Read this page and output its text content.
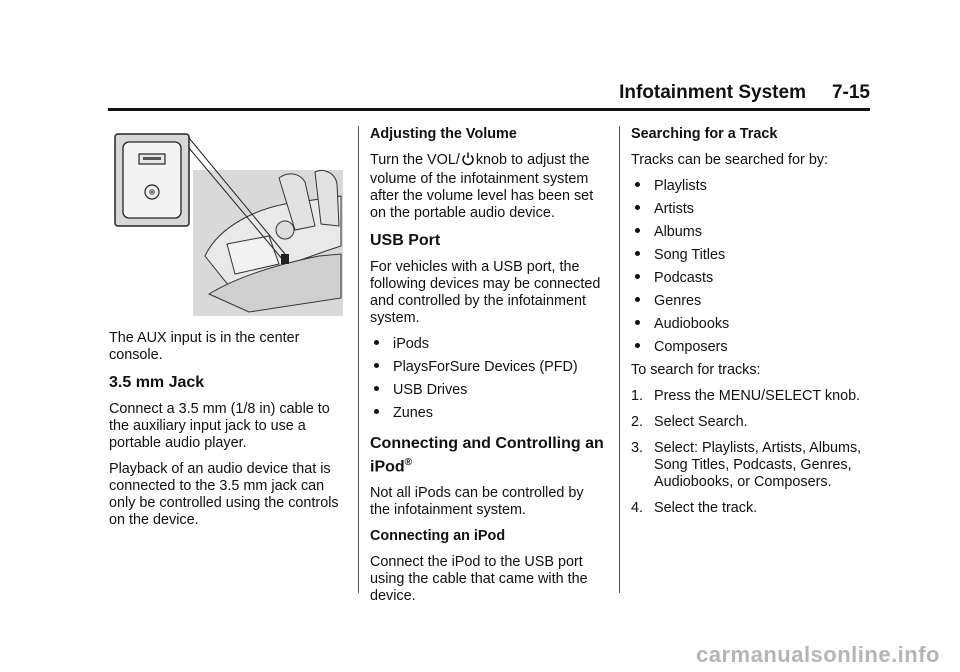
Infotainment System 7-15

The AUX input is in the center console.

3.5 mm Jack

Connect a 3.5 mm (1/8 in) cable to the auxiliary input jack to use a portable audio player.

Playback of an audio device that is connected to the 3.5 mm jack can only be controlled using the controls on the device.

Adjusting the Volume

Turn the VOL/ knob to adjust the volume of the infotainment system after the volume level has been set on the portable audio device.

USB Port

For vehicles with a USB port, the following devices may be connected and controlled by the infotainment system.

iPods
PlaysForSure Devices (PFD)
USB Drives
Zunes
Connecting and Controlling an iPod®

Not all iPods can be controlled by the infotainment system.

Connecting an iPod

Connect the iPod to the USB port using the cable that came with the device.

Searching for a Track

Tracks can be searched for by:

Playlists
Artists
Albums
Song Titles
Podcasts
Genres
Audiobooks
Composers

To search for tracks:

1. Press the MENU/SELECT knob.
2. Select Search.
3. Select: Playlists, Artists, Albums, Song Titles, Podcasts, Genres, Audiobooks, or Composers.
4. Select the track.
carmanualsonline.info
